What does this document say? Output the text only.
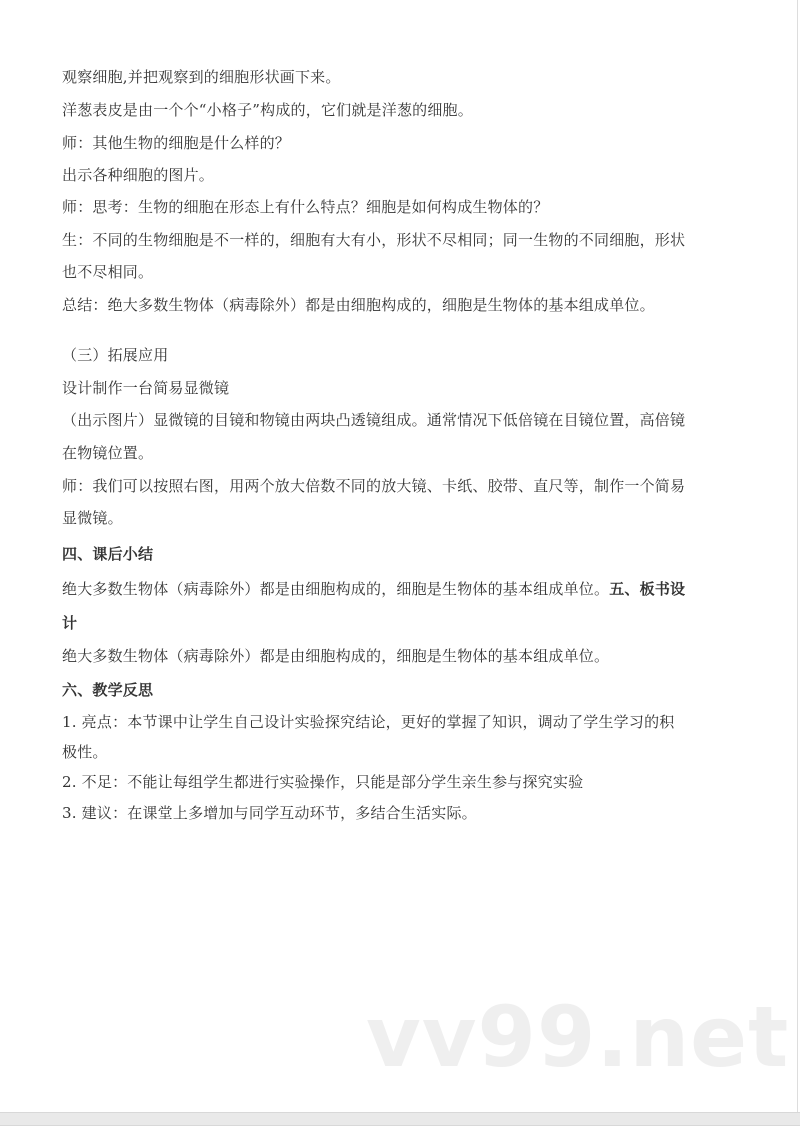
观察细胞,并把观察到的细胞形状画下来。
洋葱表皮是由一个个“小格子”构成的，它们就是洋葱的细胞。
师：其他生物的细胞是什么样的？
出示各种细胞的图片。
师：思考：生物的细胞在形态上有什么特点？细胞是如何构成生物体的？
生：不同的生物细胞是不一样的，细胞有大有小，形状不尽相同；同一生物的不同细胞，形状
也不尽相同。
总结：绝大多数生物体（病毒除外）都是由细胞构成的，细胞是生物体的基本组成单位。
（三）拓展应用
设计制作一台简易显微镜
（出示图片）显微镜的目镜和物镜由两块凸透镜组成。通常情况下低倍镜在目镜位置，高倍镜
在物镜位置。
师：我们可以按照右图，用两个放大倍数不同的放大镜、卡纸、胶带、直尺等，制作一个简易
显微镜。
四、课后小结
绝大多数生物体（病毒除外）都是由细胞构成的，细胞是生物体的基本组成单位。五、板书设
计
绝大多数生物体（病毒除外）都是由细胞构成的，细胞是生物体的基本组成单位。
六、教学反思
1. 亮点：本节课中让学生自己设计实验探究结论，更好的掌握了知识，调动了学生学习的积
极性。
2. 不足：不能让每组学生都进行实验操作，只能是部分学生亲生参与探究实验
3. 建议：在课堂上多增加与同学互动环节，多结合生活实际。
vv99.net
